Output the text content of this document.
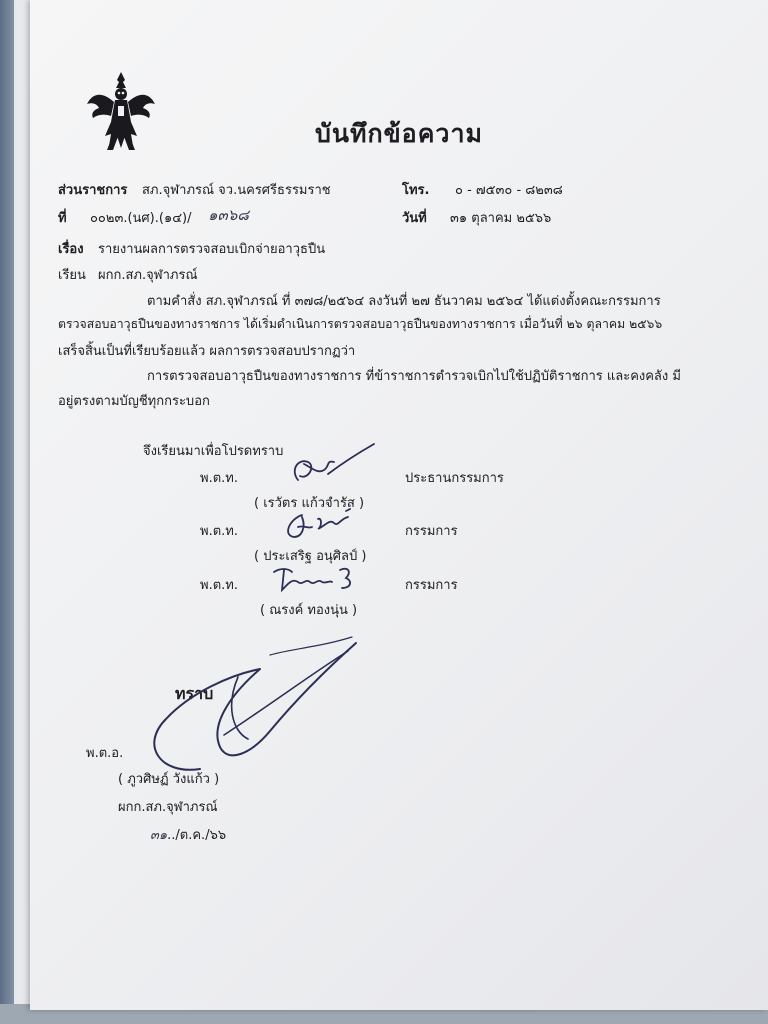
บันทึกข้อความ
ส่วนราชการ สภ.จุฬาภรณ์ จว.นครศรีธรรมราช	โทร. ๐ - ๗๕๓๐ - ๘๒๓๘
ที่ ๐๐๒๓.(นศ).(๑๔)/ ๑๓๖๘	วันที่ ๓๑ ตุลาคม ๒๕๖๖
เรื่อง รายงานผลการตรวจสอบเบิกจ่ายอาวุธปืน
เรียน ผกก.สภ.จุฬาภรณ์
ตามคำสั่ง สภ.จุฬาภรณ์ ที่ ๓๗๘/๒๕๖๔ ลงวันที่ ๒๗ ธันวาคม ๒๕๖๔ ได้แต่งตั้งคณะกรรมการ
ตรวจสอบอาวุธปืนของทางราชการ ได้เริ่มดำเนินการตรวจสอบอาวุธปืนของทางราชการ เมื่อวันที่ ๒๖ ตุลาคม ๒๕๖๖
เสร็จสิ้นเป็นที่เรียบร้อยแล้ว ผลการตรวจสอบปรากฏว่า
การตรวจสอบอาวุธปืนของทางราชการ ที่ข้าราชการตำรวจเบิกไปใช้ปฏิบัติราชการ และคงคลัง มี
อยู่ตรงตามบัญชีทุกกระบอก
จึงเรียนมาเพื่อโปรดทราบ
พ.ต.ท.	ประธานกรรมการ
( เรวัตร แก้วจำรัส )
พ.ต.ท.	กรรมการ
( ประเสริฐ อนุศิลป์ )
พ.ต.ท.	กรรมการ
( ณรงค์ ทองนุ่น )
ทราบ
พ.ต.อ.
( ภูวศิษฏ์ วังแก้ว )
ผกก.สภ.จุฬาภรณ์
๓๑../ต.ค./๖๖
